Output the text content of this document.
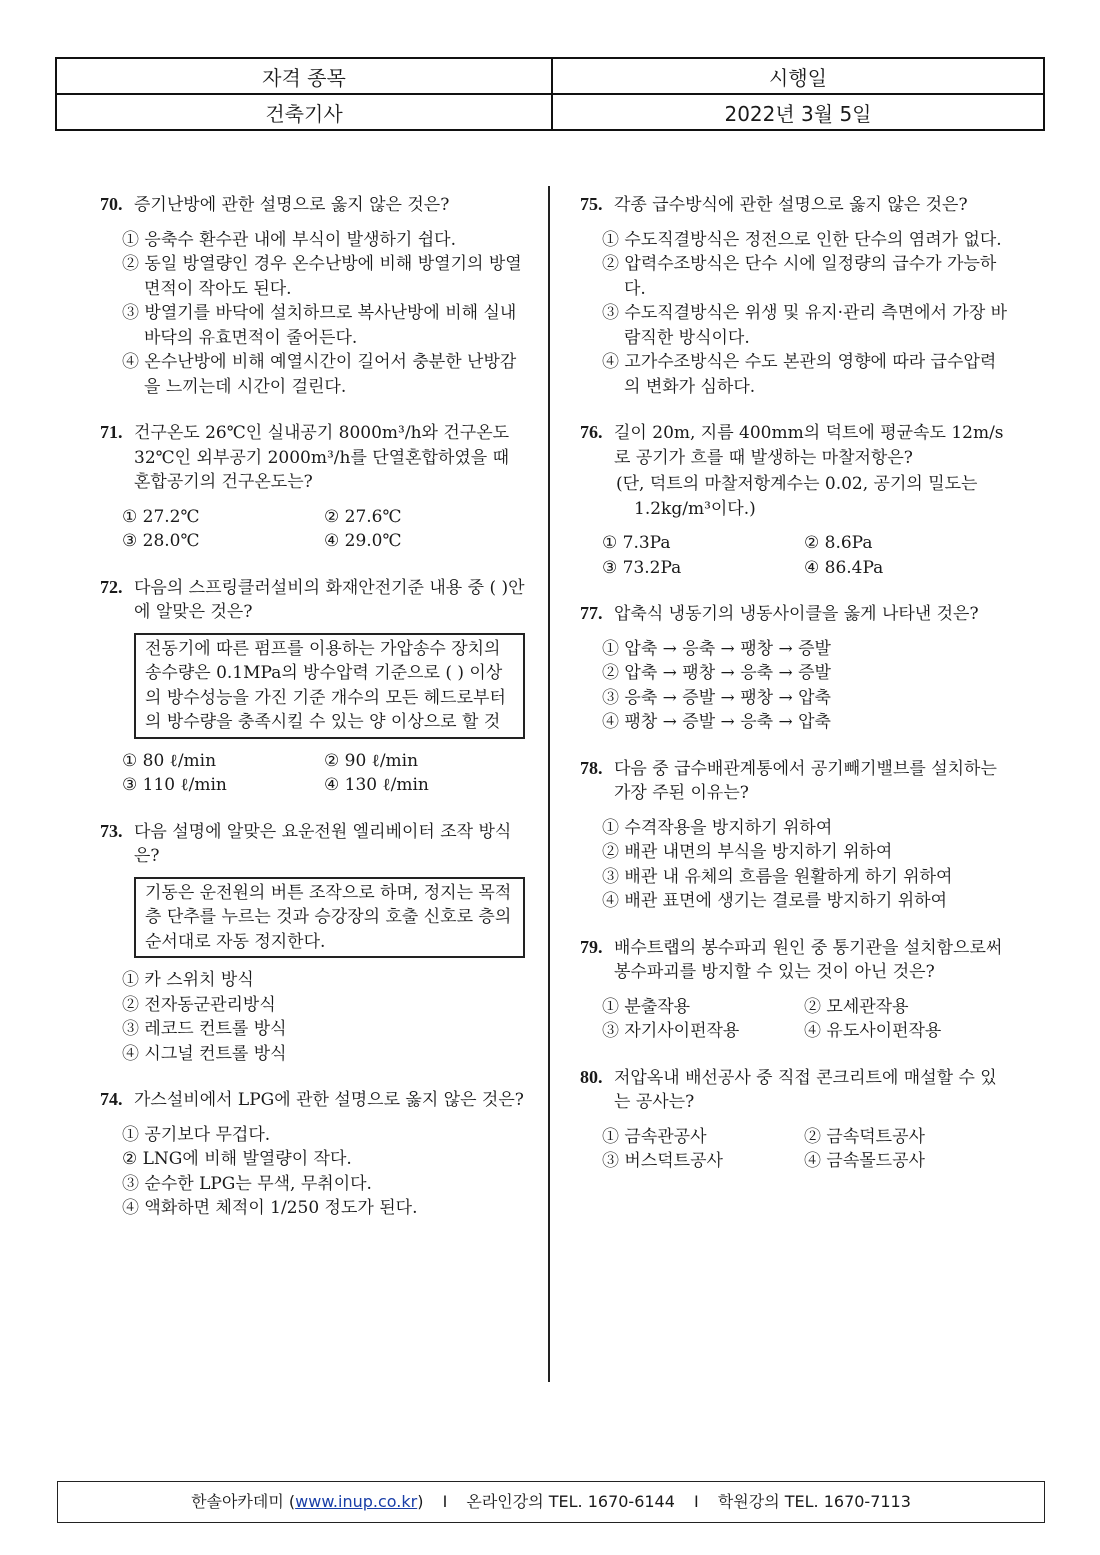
자격 종목	시행일
건축기사	2022년 3월 5일
70. 증기난방에 관한 설명으로 옳지 않은 것은?
① 응축수 환수관 내에 부식이 발생하기 쉽다.
② 동일 방열량인 경우 온수난방에 비해 방열기의 방열면적이 작아도 된다.
③ 방열기를 바닥에 설치하므로 복사난방에 비해 실내바닥의 유효면적이 줄어든다.
④ 온수난방에 비해 예열시간이 길어서 충분한 난방감을 느끼는데 시간이 걸린다.
71. 건구온도 26℃인 실내공기 8000m³/h와 건구온도 32℃인 외부공기 2000m³/h를 단열혼합하였을 때 혼합공기의 건구온도는?
① 27.2℃	② 27.6℃
③ 28.0℃	④ 29.0℃
72. 다음의 스프링클러설비의 화재안전기준 내용 중 ( )안에 알맞은 것은?
전동기에 따른 펌프를 이용하는 가압송수 장치의 송수량은 0.1MPa의 방수압력 기준으로 ( ) 이상의 방수성능을 가진 기준 개수의 모든 헤드로부터의 방수량을 충족시킬 수 있는 양 이상으로 할 것
① 80 ℓ/min	② 90 ℓ/min
③ 110 ℓ/min	④ 130 ℓ/min
73. 다음 설명에 알맞은 요운전원 엘리베이터 조작 방식은?
기동은 운전원의 버튼 조작으로 하며, 정지는 목적층 단추를 누르는 것과 승강장의 호출 신호로 층의 순서대로 자동 정지한다.
① 카 스위치 방식
② 전자동군관리방식
③ 레코드 컨트롤 방식
④ 시그널 컨트롤 방식
74. 가스설비에서 LPG에 관한 설명으로 옳지 않은 것은?
① 공기보다 무겁다.
② LNG에 비해 발열량이 작다.
③ 순수한 LPG는 무색, 무취이다.
④ 액화하면 체적이 1/250 정도가 된다.
75. 각종 급수방식에 관한 설명으로 옳지 않은 것은?
① 수도직결방식은 정전으로 인한 단수의 염려가 없다.
② 압력수조방식은 단수 시에 일정량의 급수가 가능하다.
③ 수도직결방식은 위생 및 유지·관리 측면에서 가장 바람직한 방식이다.
④ 고가수조방식은 수도 본관의 영향에 따라 급수압력의 변화가 심하다.
76. 길이 20m, 지름 400mm의 덕트에 평균속도 12m/s로 공기가 흐를 때 발생하는 마찰저항은?
(단, 덕트의 마찰저항계수는 0.02, 공기의 밀도는 1.2kg/m³이다.)
① 7.3Pa	② 8.6Pa
③ 73.2Pa	④ 86.4Pa
77. 압축식 냉동기의 냉동사이클을 옳게 나타낸 것은?
① 압축 → 응축 → 팽창 → 증발
② 압축 → 팽창 → 응축 → 증발
③ 응축 → 증발 → 팽창 → 압축
④ 팽창 → 증발 → 응축 → 압축
78. 다음 중 급수배관계통에서 공기빼기밸브를 설치하는 가장 주된 이유는?
① 수격작용을 방지하기 위하여
② 배관 내면의 부식을 방지하기 위하여
③ 배관 내 유체의 흐름을 원활하게 하기 위하여
④ 배관 표면에 생기는 결로를 방지하기 위하여
79. 배수트랩의 봉수파괴 원인 중 통기관을 설치함으로써 봉수파괴를 방지할 수 있는 것이 아닌 것은?
① 분출작용	② 모세관작용
③ 자기사이펀작용	④ 유도사이펀작용
80. 저압옥내 배선공사 중 직접 콘크리트에 매설할 수 있는 공사는?
① 금속관공사	② 금속덕트공사
③ 버스덕트공사	④ 금속몰드공사
한솔아카데미 (www.inup.co.kr) I 온라인강의 TEL. 1670-6144 I 학원강의 TEL. 1670-7113
